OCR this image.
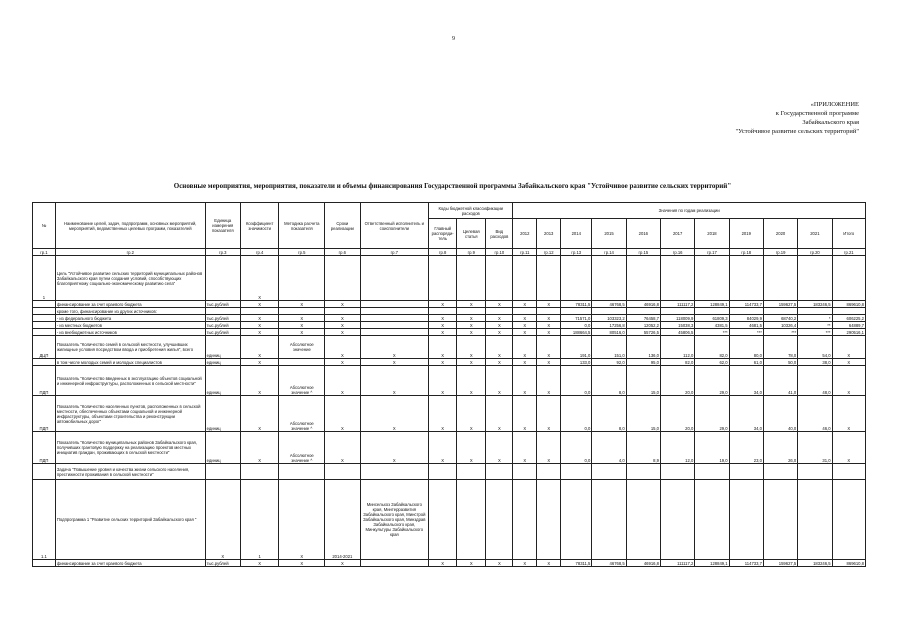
9
«ПРИЛОЖЕНИЕ
к Государственной программе
Забайкальского края
"Устойчивое развитие сельских территорий"
Основные мероприятия, мероприятия, показатели и объемы финансирования Государственной программы Забайкальского края "Устойчивое развитие сельских территорий"
№	Наименование целей, задач, подпрограмм, основных мероприятий, мероприятий, ведомственных целевых программ, показателей	Единица измерения показателя	Коэффициент значимости	Методика расчета показателя	Сроки реализации	Ответственный исполнитель и соисполнители	Коды бюджетной классификации расходов			Значения по годам реализации										
							Главный распоряди-тель	Целевая статья	Вид расходов	2012	2013	2014	2015	2016	2017	2018	2019	2020	2021	Итого
гр.1	гр.2	гр.3	гр.4	гр.5	гр.6	гр.7	гр.8	гр.9	гр.10	гр.11	гр.12	гр.13	гр.14	гр.15	гр.16	гр.17	гр.18	гр.19	гр.20	гр.21
1	Цель "Устойчивое развитие сельских территорий муниципальных районов Забайкальского края путем создания условий, способствующих благоприятному социально-экономическому развитию села"		X																	
	финансирование за счет краевого бюджета	тыс.рублей	X	X	X		X	X	X	X	X	78311,5	46768,5	46916,8	111117,2	128849,1	114733,7	159627,5	183246,5	869610,8
	кроме того, финансирование из других источников:																			
	- из федерального бюджета	тыс.рублей	X	X	X		X	X	X	X	X	71571,0	103323,2	76458,7	118009,9	61809,3	84029,9	68740,2	*	606225,2
	- из местных бюджетов	тыс.рублей	X	X	X		X	X	X	X	X	0,0	17256,8	12052,2	15038,3	4381,5	4681,5	10326,4	**	64889,7
	- из внебюджетных источников	тыс.рублей	X	X	X		X	X	X	X	X	188664,5	80516,0	55726,5	45806,5	***	***	***	***	290516,1
ДЦП	Показатель "Количество семей в сельской местности, улучшивших жилищные условия посредством ввода и приобретения жилья", всего	единиц	X	Абсолютное значение	X	X	X	X	X	X	X	191,0	151,0	136,0	112,0	82,0	80,0	78,0	54,0	X
	в том числе молодых семей и молодых специалистов	единиц	X		X	X	X	X	X	X	X	133,0	92,0	95,0	82,0	62,0	61,0	50,0	38,0	X
ПДП	Показатель "Количество введенных в эксплуатацию объектов социальной и инженерной инфраструктуры, расположенных в сельской местности"	единиц	X	Абсолютное значение ^	X	X	X	X	X	X	X	0,0	8,0	15,0	20,0	29,0	34,0	41,0	48,0	X
ПДП	Показатель "Количество населенных пунктов, расположенных в сельской местности, обеспеченных объектами социальной и инженерной инфраструктуры, объектами строительства и реконструкции автомобильных дорог"	единиц	X	Абсолютное значение ^	X	X	X	X	X	X	X	0,0	8,0	15,0	20,0	29,0	34,0	40,0	46,0	X
ПДП	Показатель "Количество муниципальных районов Забайкальского края, получивших грантовую поддержку на реализацию проектов местных инициатив граждан, проживающих в сельской местности"	единиц	X	Абсолютное значение ^	X	X	X	X	X	X	X	0,0	4,0	8,9	12,0	19,0	23,0	26,0	31,0	X
	Задача "Повышение уровня и качества жизни сельского населения, престижности проживания в сельской местности"																			
1.1	Подпрограмма 1 "Развитие сельских территорий Забайкальского края "	X	1	X	2014-2021	Минсельхоз Забайкальского края, Минтерразвития Забайкальского края, Минстрой Забайкальского края, Минздрав Забайкальского края, Минкультуры Забайкальского края														
	финансирование за счет краевого бюджета	тыс.рублей	X	X	X		X	X	X	X	X	78311,5	46768,5	46916,8	111117,2	128849,1	114733,7	159627,5	183246,5	869610,8
